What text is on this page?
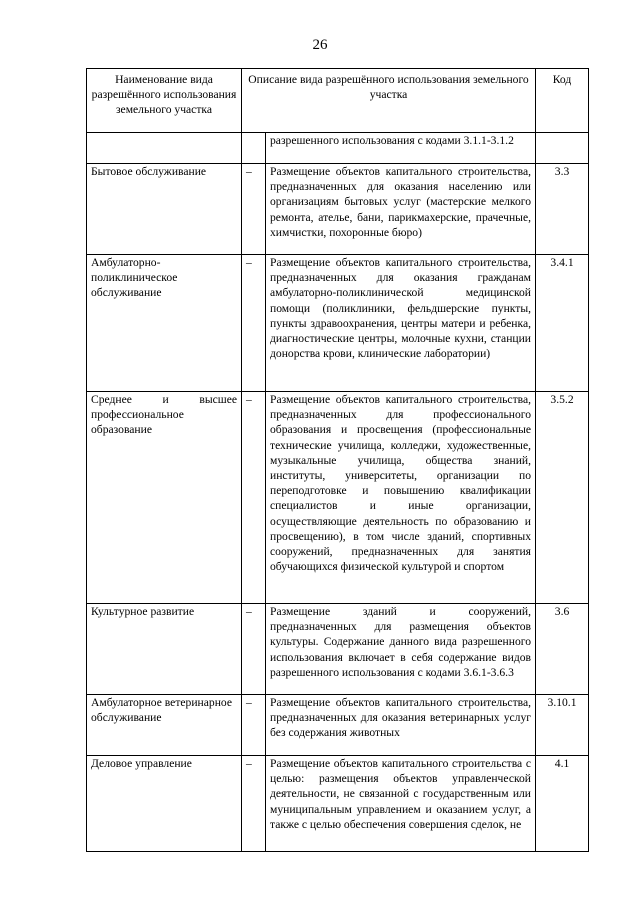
26
Наименование вида разрешённого использования земельного участка	Описание вида разрешённого использования земельного участка		Код
		разрешенного использования с кодами 3.1.1-3.1.2	
Бытовое обслуживание	–	Размещение объектов капитального строительства, предназначенных для оказания населению или организациям бытовых услуг (мастерские мелкого ремонта, ателье, бани, парикмахерские, прачечные, химчистки, похоронные бюро)	3.3
Амбулаторно-поликлиническое обслуживание	–	Размещение объектов капитального строительства, предназначенных для оказания гражданам амбулаторно-поликлинической медицинской помощи (поликлиники, фельдшерские пункты, пункты здравоохранения, центры матери и ребенка, диагностические центры, молочные кухни, станции донорства крови, клинические лаборатории)	3.4.1
Среднее и высшее профессиональное образование	–	Размещение объектов капитального строительства, предназначенных для профессионального образования и просвещения (профессиональные технические училища, колледжи, художественные, музыкальные училища, общества знаний, институты, университеты, организации по переподготовке и повышению квалификации специалистов и иные организации, осуществляющие деятельность по образованию и просвещению), в том числе зданий, спортивных сооружений, предназначенных для занятия обучающихся физической культурой и спортом	3.5.2
Культурное развитие	–	Размещение зданий и сооружений, предназначенных для размещения объектов культуры. Содержание данного вида разрешенного использования включает в себя содержание видов разрешенного использования с кодами 3.6.1-3.6.3	3.6
Амбулаторное ветеринарное обслуживание	–	Размещение объектов капитального строительства, предназначенных для оказания ветеринарных услуг без содержания животных	3.10.1
Деловое управление	–	Размещение объектов капитального строительства с целью: размещения объектов управленческой деятельности, не связанной с государственным или муниципальным управлением и оказанием услуг, а также с целью обеспечения совершения сделок, не	4.1
